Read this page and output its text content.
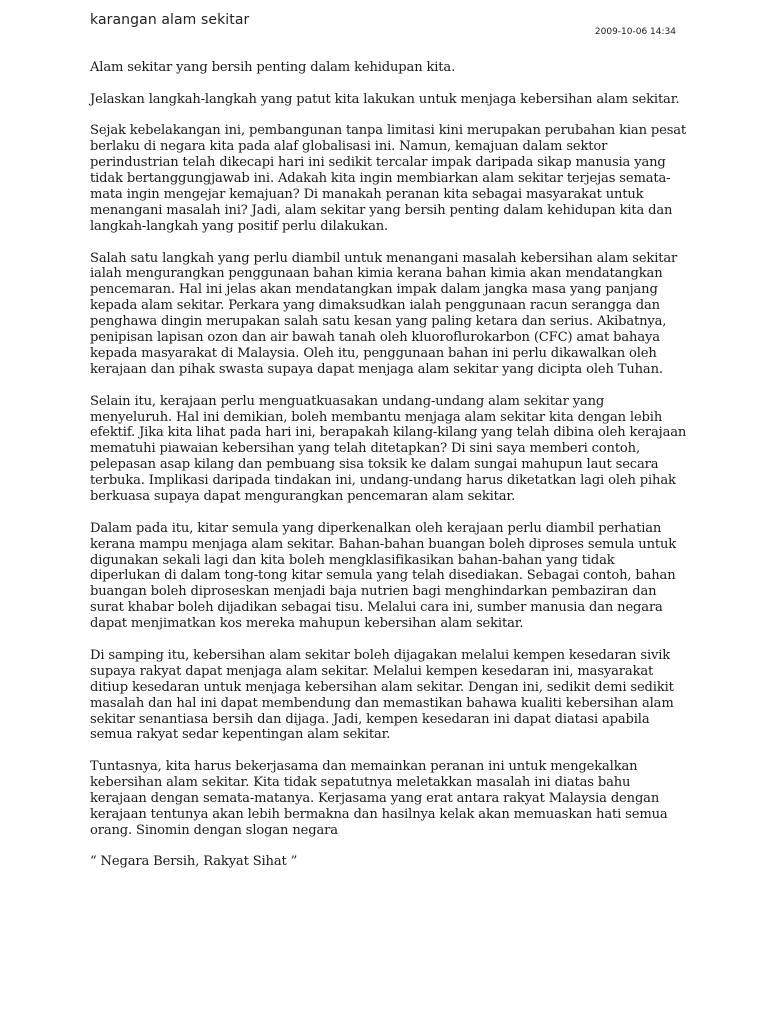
karangan alam sekitar
2009-10-06 14:34

Alam sekitar yang bersih penting dalam kehidupan kita.

Jelaskan langkah-langkah yang patut kita lakukan untuk menjaga kebersihan alam sekitar.

Sejak kebelakangan ini, pembangunan tanpa limitasi kini merupakan perubahan kian pesat berlaku di negara kita pada alaf globalisasi ini. Namun, kemajuan dalam sektor perindustrian telah dikecapi hari ini sedikit tercalar impak daripada sikap manusia yang tidak bertanggungjawab ini. Adakah kita ingin membiarkan alam sekitar terjejas semata-mata ingin mengejar kemajuan? Di manakah peranan kita sebagai masyarakat untuk menangani masalah ini? Jadi, alam sekitar yang bersih penting dalam kehidupan kita dan langkah-langkah yang positif perlu dilakukan.

Salah satu langkah yang perlu diambil untuk menangani masalah kebersihan alam sekitar ialah mengurangkan penggunaan bahan kimia kerana bahan kimia akan mendatangkan pencemaran. Hal ini jelas akan mendatangkan impak dalam jangka masa yang panjang kepada alam sekitar. Perkara yang dimaksudkan ialah penggunaan racun serangga dan penghawa dingin merupakan salah satu kesan yang paling ketara dan serius. Akibatnya, penipisan lapisan ozon dan air bawah tanah oleh kluoroflurokarbon (CFC) amat bahaya kepada masyarakat di Malaysia. Oleh itu, penggunaan bahan ini perlu dikawalkan oleh kerajaan dan pihak swasta supaya dapat menjaga alam sekitar yang dicipta oleh Tuhan.

Selain itu, kerajaan perlu menguatkuasakan undang-undang alam sekitar yang menyeluruh. Hal ini demikian, boleh membantu menjaga alam sekitar kita dengan lebih efektif. Jika kita lihat pada hari ini, berapakah kilang-kilang yang telah dibina oleh kerajaan mematuhi piawaian kebersihan yang telah ditetapkan? Di sini saya memberi contoh, pelepasan asap kilang dan pembuang sisa toksik ke dalam sungai mahupun laut secara terbuka. Implikasi daripada tindakan ini, undang-undang harus diketatkan lagi oleh pihak berkuasa supaya dapat mengurangkan pencemaran alam sekitar.

Dalam pada itu, kitar semula yang diperkenalkan oleh kerajaan perlu diambil perhatian kerana mampu menjaga alam sekitar. Bahan-bahan buangan boleh diproses semula untuk digunakan sekali lagi dan kita boleh mengklasifikasikan bahan-bahan yang tidak diperlukan di dalam tong-tong kitar semula yang telah disediakan. Sebagai contoh, bahan buangan boleh diproseskan menjadi baja nutrien bagi menghindarkan pembaziran dan surat khabar boleh dijadikan sebagai tisu. Melalui cara ini, sumber manusia dan negara dapat menjimatkan kos mereka mahupun kebersihan alam sekitar.

Di samping itu, kebersihan alam sekitar boleh dijagakan melalui kempen kesedaran sivik supaya rakyat dapat menjaga alam sekitar. Melalui kempen kesedaran ini, masyarakat ditiup kesedaran untuk menjaga kebersihan alam sekitar. Dengan ini, sedikit demi sedikit masalah dan hal ini dapat membendung dan memastikan bahawa kualiti kebersihan alam sekitar senantiasa bersih dan dijaga. Jadi, kempen kesedaran ini dapat diatasi apabila semua rakyat sedar kepentingan alam sekitar.

Tuntasnya, kita harus bekerjasama dan memainkan peranan ini untuk mengekalkan kebersihan alam sekitar. Kita tidak sepatutnya meletakkan masalah ini diatas bahu kerajaan dengan semata-matanya. Kerjasama yang erat antara rakyat Malaysia dengan kerajaan tentunya akan lebih bermakna dan hasilnya kelak akan memuaskan hati semua orang. Sinomin dengan slogan negara

“ Negara Bersih, Rakyat Sihat ”
